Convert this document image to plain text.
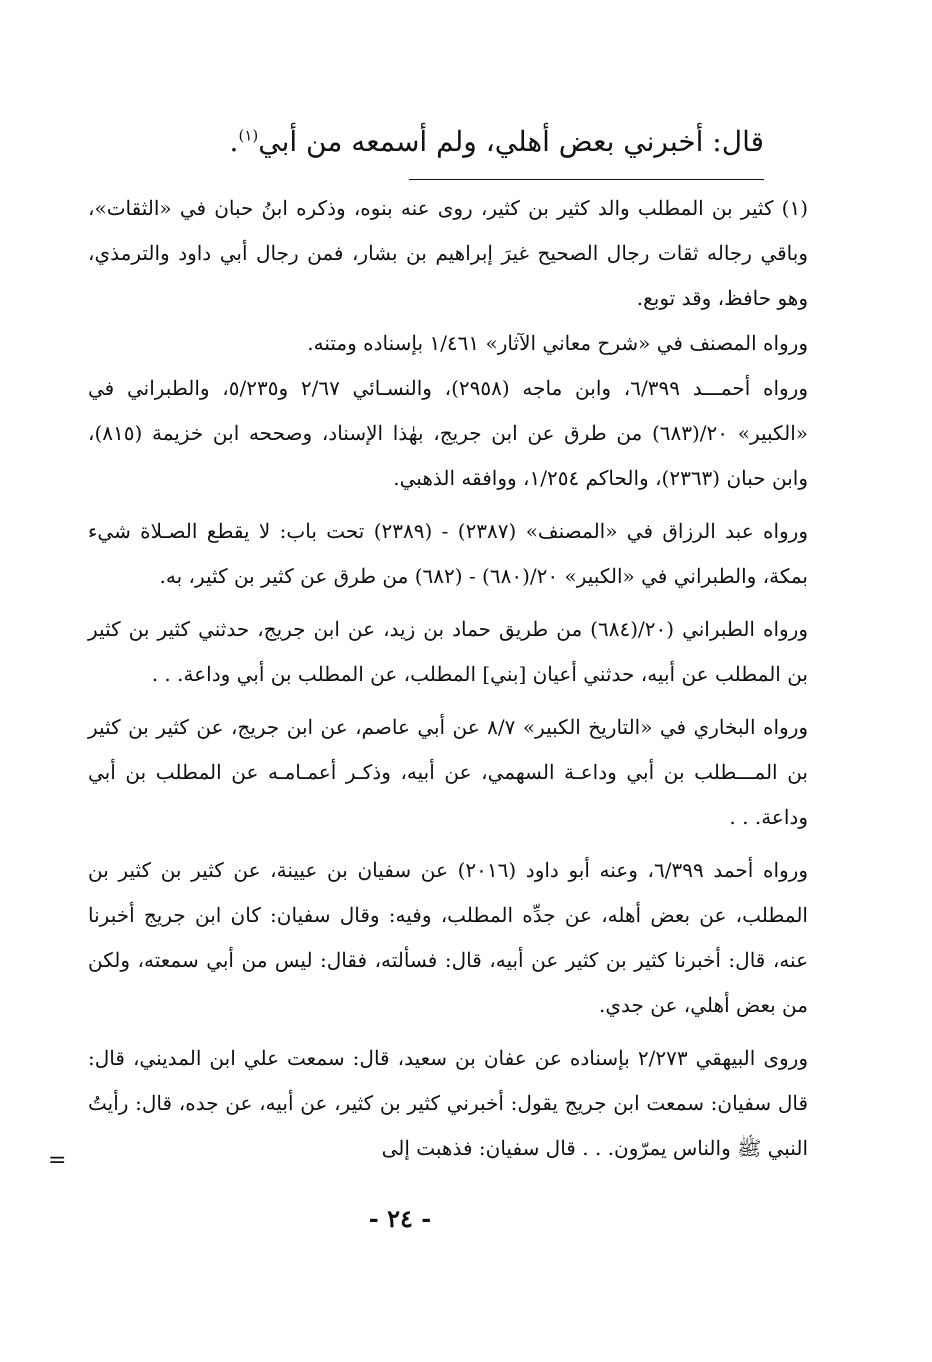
قال: أخبرني بعض أهلي، ولم أسمعه من أبي$^{(١)}$.

(١) كثير بن المطلب والد كثير بن كثير، روى عنه بنوه، وذكره ابنُ حبان في «الثقات»، وباقي رجاله ثقات رجال الصحيح غيرَ إبراهيم بن بشار، فمن رجال أبي داود والترمذي، وهو حافظ، وقد توبع.

ورواه المصنف في «شرح معاني الآثار» ١/٤٦١ بإسناده ومتنه.

ورواه أحمـــد ٦/٣٩٩، وابن ماجه (٢٩٥٨)، والنسـائي ٢/٦٧ و٥/٢٣٥، والطبراني في «الكبير» ٢٠/(٦٨٣) من طرق عن ابن جريج، بهٰذا الإسناد، وصححه ابن خزيمة (٨١٥)، وابن حبان (٢٣٦٣)، والحاكم ١/٢٥٤، ووافقه الذهبي.

ورواه عبد الرزاق في «المصنف» (٢٣٨٧) - (٢٣٨٩) تحت باب: لا يقطع الصـلاة شيء بمكة، والطبراني في «الكبير» ٢٠/(٦٨٠) - (٦٨٢) من طرق عن كثير بن كثير، به.

ورواه الطبراني (٢٠/(٦٨٤) من طريق حماد بن زيد، عن ابن جريج، حدثني كثير بن كثير بن المطلب عن أبيه، حدثني أعيان [بني] المطلب، عن المطلب بن أبي وداعة. . .

ورواه البخاري في «التاريخ الكبير» ٨/٧ عن أبي عاصم، عن ابن جريج، عن كثير بن كثير بن المـــطلب بن أبي وداعـة السهمي، عن أبيه، وذكـر أعمـامـه عن المطلب بن أبي وداعة. . .

ورواه أحمد ٦/٣٩٩، وعنه أبو داود (٢٠١٦) عن سفيان بن عيينة، عن كثير بن كثير بن المطلب، عن بعض أهله، عن جدِّه المطلب، وفيه: وقال سفيان: كان ابن جريج أخبرنا عنه، قال: أخبرنا كثير بن كثير عن أبيه، قال: فسألته، فقال: ليس من أبي سمعته، ولكن من بعض أهلي، عن جدي.

وروى البيهقي ٢/٢٧٣ بإسناده عن عفان بن سعيد، قال: سمعت علي ابن المديني، قال: قال سفيان: سمعت ابن جريج يقول: أخبرني كثير بن كثير، عن أبيه، عن جده، قال: رأيتُ النبي ﷺ والناس يمرّون. . . قال سفيان: فذهبت إلى

=
- ٢٤ -
